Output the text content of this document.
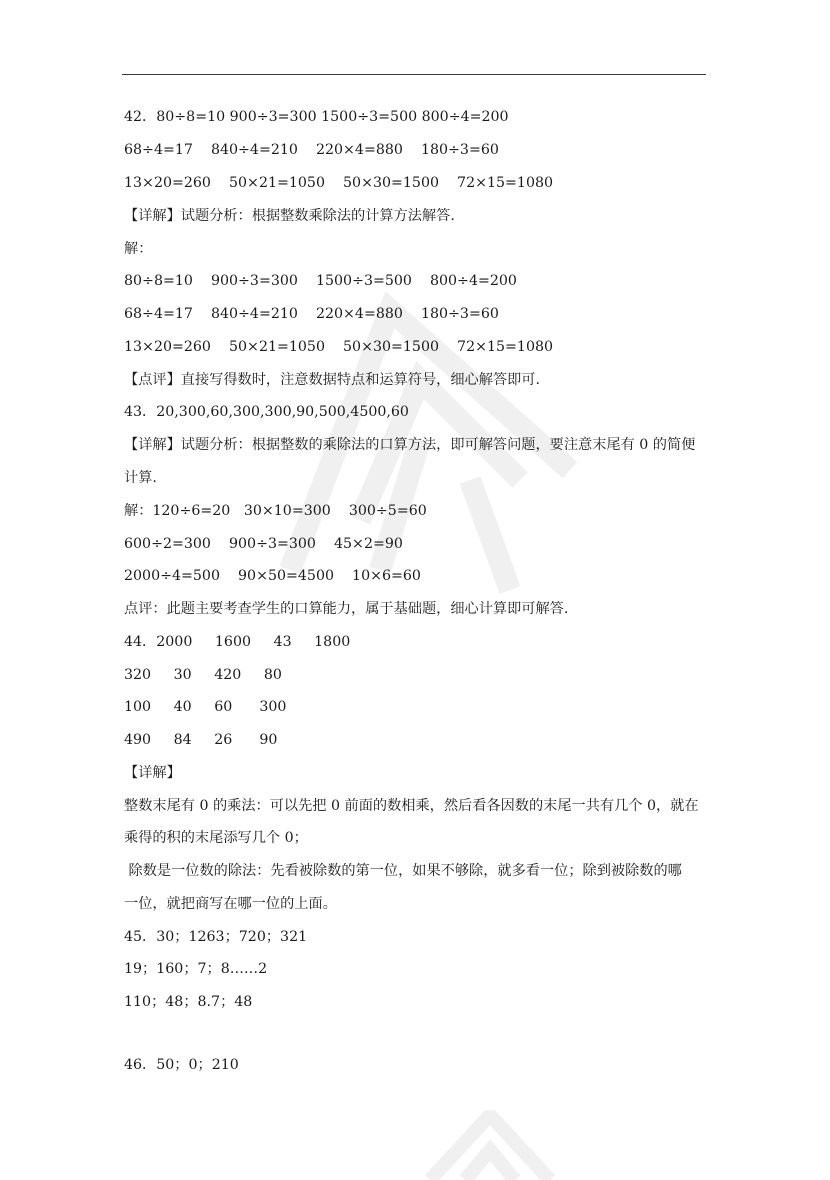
42．80÷8=10 900÷3=300 1500÷3=500 800÷4=200
68÷4=17    840÷4=210    220×4=880    180÷3=60
13×20=260    50×21=1050    50×30=1500    72×15=1080
【详解】试题分析：根据整数乘除法的计算方法解答.
解：
80÷8=10    900÷3=300    1500÷3=500    800÷4=200
68÷4=17    840÷4=210    220×4=880    180÷3=60
13×20=260    50×21=1050    50×30=1500    72×15=1080
【点评】直接写得数时，注意数据特点和运算符号，细心解答即可.
43．20,300,60,300,300,90,500,4500,60
【详解】试题分析：根据整数的乘除法的口算方法，即可解答问题，要注意末尾有 0 的简便
计算.
解：120÷6=20   30×10=300    300÷5=60
600÷2=300    900÷3=300    45×2=90
2000÷4=500    90×50=4500    10×6=60
点评：此题主要考查学生的口算能力，属于基础题，细心计算即可解答.
44．2000     1600     43     1800
320     30     420     80
100     40     60      300
490     84     26      90
【详解】
整数末尾有 0 的乘法：可以先把 0 前面的数相乘，然后看各因数的末尾一共有几个 0，就在
乘得的积的末尾添写几个 0；
除数是一位数的除法：先看被除数的第一位，如果不够除，就多看一位；除到被除数的哪
一位，就把商写在哪一位的上面。
45．30；1263；720；321
19；160；7；8……2
110；48；8.7；48
46．50；0；210
